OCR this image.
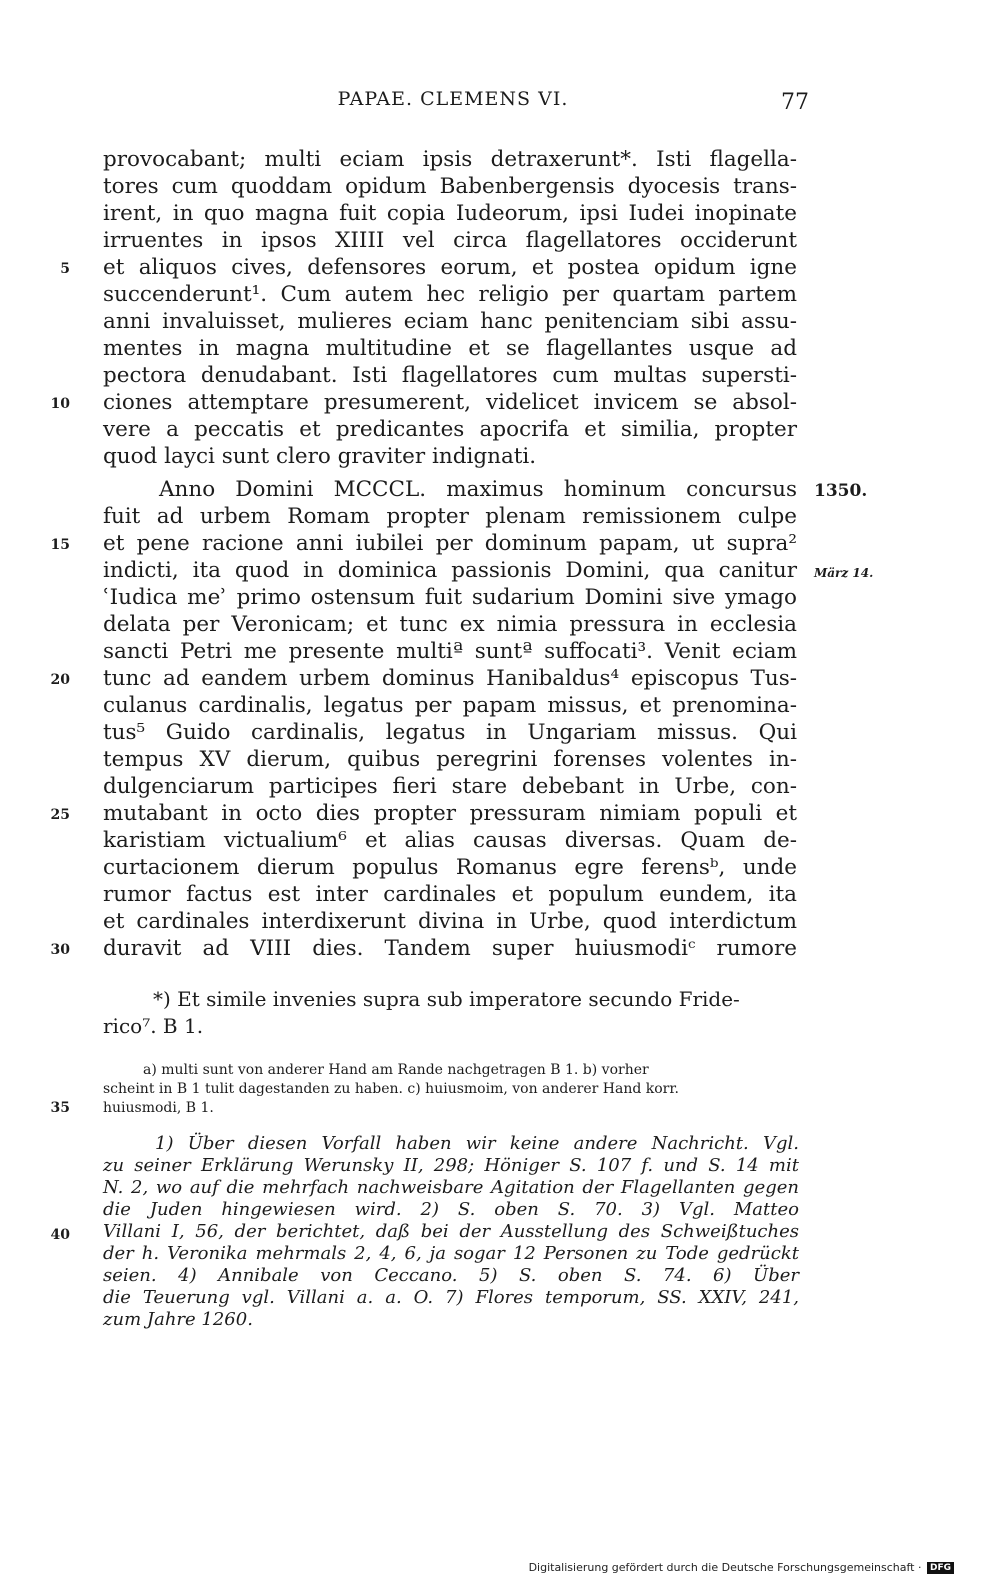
PAPAE. CLEMENS VI.	77
provocabant; multi eciam ipsis detraxerunt*. Isti flagella-
tores cum quoddam opidum Babenbergensis dyocesis trans-
irent, in quo magna fuit copia Iudeorum, ipsi Iudei inopinate
irruentes in ipsos XIIII vel circa flagellatores occiderunt
et aliquos cives, defensores eorum, et postea opidum igne
succenderunt¹. Cum autem hec religio per quartam partem
anni invaluisset, mulieres eciam hanc penitenciam sibi assu-
mentes in magna multitudine et se flagellantes usque ad
pectora denudabant. Isti flagellatores cum multas supersti-
ciones attemptare presumerent, videlicet invicem se absol-
vere a peccatis et predicantes apocrifa et similia, propter
quod layci sunt clero graviter indignati.
Anno Domini MCCCL. maximus hominum concursus
fuit ad urbem Romam propter plenam remissionem culpe
et pene racione anni iubilei per dominum papam, ut supra²
indicti, ita quod in dominica passionis Domini, qua canitur
ʿIudica meʾ primo ostensum fuit sudarium Domini sive ymago
delata per Veronicam; et tunc ex nimia pressura in ecclesia
sancti Petri me presente multiª suntª suffocati³. Venit eciam
tunc ad eandem urbem dominus Hanibaldus⁴ episcopus Tus-
culanus cardinalis, legatus per papam missus, et prenomina-
tus⁵ Guido cardinalis, legatus in Ungariam missus. Qui
tempus XV dierum, quibus peregrini forenses volentes in-
dulgenciarum participes fieri stare debebant in Urbe, con-
mutabant in octo dies propter pressuram nimiam populi et
karistiam victualium⁶ et alias causas diversas. Quam de-
curtacionem dierum populus Romanus egre ferensᵇ, unde
rumor factus est inter cardinales et populum eundem, ita
et cardinales interdixerunt divina in Urbe, quod interdictum
duravit ad VIII dies. Tandem super huiusmodiᶜ rumore
5
10
15
20
25
30
35
40
1350.
März 14.
*) Et simile invenies supra sub imperatore secundo Fride-
rico⁷. B 1.
a) multi sunt von anderer Hand am Rande nachgetragen B 1. b) vorher
scheint in B 1 tulit dagestanden zu haben. c) huiusmoim, von anderer Hand korr.
huiusmodi, B 1.
1) Über diesen Vorfall haben wir keine andere Nachricht. Vgl.
zu seiner Erklärung Werunsky II, 298; Höniger S. 107 f. und S. 14 mit
N. 2, wo auf die mehrfach nachweisbare Agitation der Flagellanten gegen
die Juden hingewiesen wird. 2) S. oben S. 70. 3) Vgl. Matteo
Villani I, 56, der berichtet, daß bei der Ausstellung des Schweißtuches
der h. Veronika mehrmals 2, 4, 6, ja sogar 12 Personen zu Tode gedrückt
seien. 4) Annibale von Ceccano. 5) S. oben S. 74. 6) Über
die Teuerung vgl. Villani a. a. O. 7) Flores temporum, SS. XXIV, 241,
zum Jahre 1260.
Digitalisierung gefördert durch die Deutsche Forschungsgemeinschaft · DFG
